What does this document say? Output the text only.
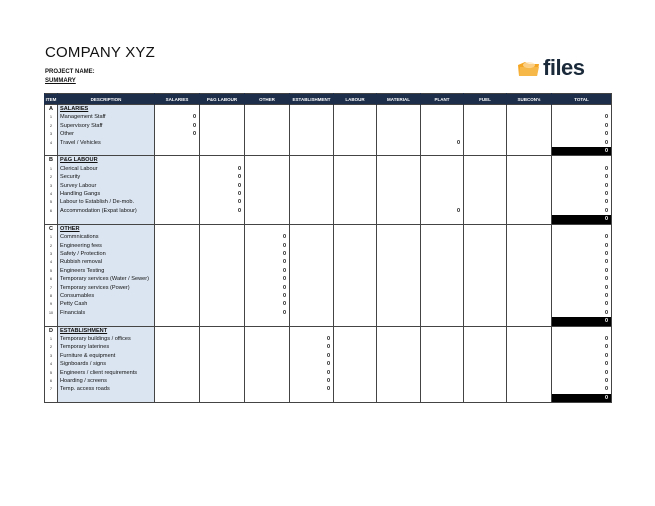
COMPANY XYZ
PROJECT NAME:
SUMMARY
files
ITEM	DESCRIPTION	SALARIES	P&G LABOUR	OTHER	ESTABLISHMENT	LABOUR	MATERIAL	PLANT	FUEL	SUBCON's	TOTAL
A	SALARIES										
1	Management Staff	0									0
2	Supervisory Staff	0									0
3	Other	0									0
4	Travel / Vehicles							0			0
											0
B	P&G LABOUR										
1	Clerical Labour		0								0
2	Security		0								0
3	Survey Labour		0								0
4	Handling Gangs		0								0
5	Labour to Establish / De-mob.		0								0
6	Accommodation (Expat labour)		0					0			0
											0
C	OTHER										
1	Commnications			0							0
2	Engineering fees			0							0
3	Safety / Protection			0							0
4	Rubbish removal			0							0
5	Engineers Testing			0							0
6	Temporary services (Water / Sewer)			0							0
7	Temporary services (Power)			0							0
8	Consumables			0							0
9	Petty Cash			0							0
10	Financials			0							0
											0
D	ESTABLISHMENT										
1	Temporary buildings / offices				0						0
2	Temporary laterines				0						0
3	Furniture & equipment				0						0
4	Signboards / signs				0						0
5	Engineers / client requirements				0						0
6	Hoarding / screens				0						0
7	Temp. access roads				0						0
											0
